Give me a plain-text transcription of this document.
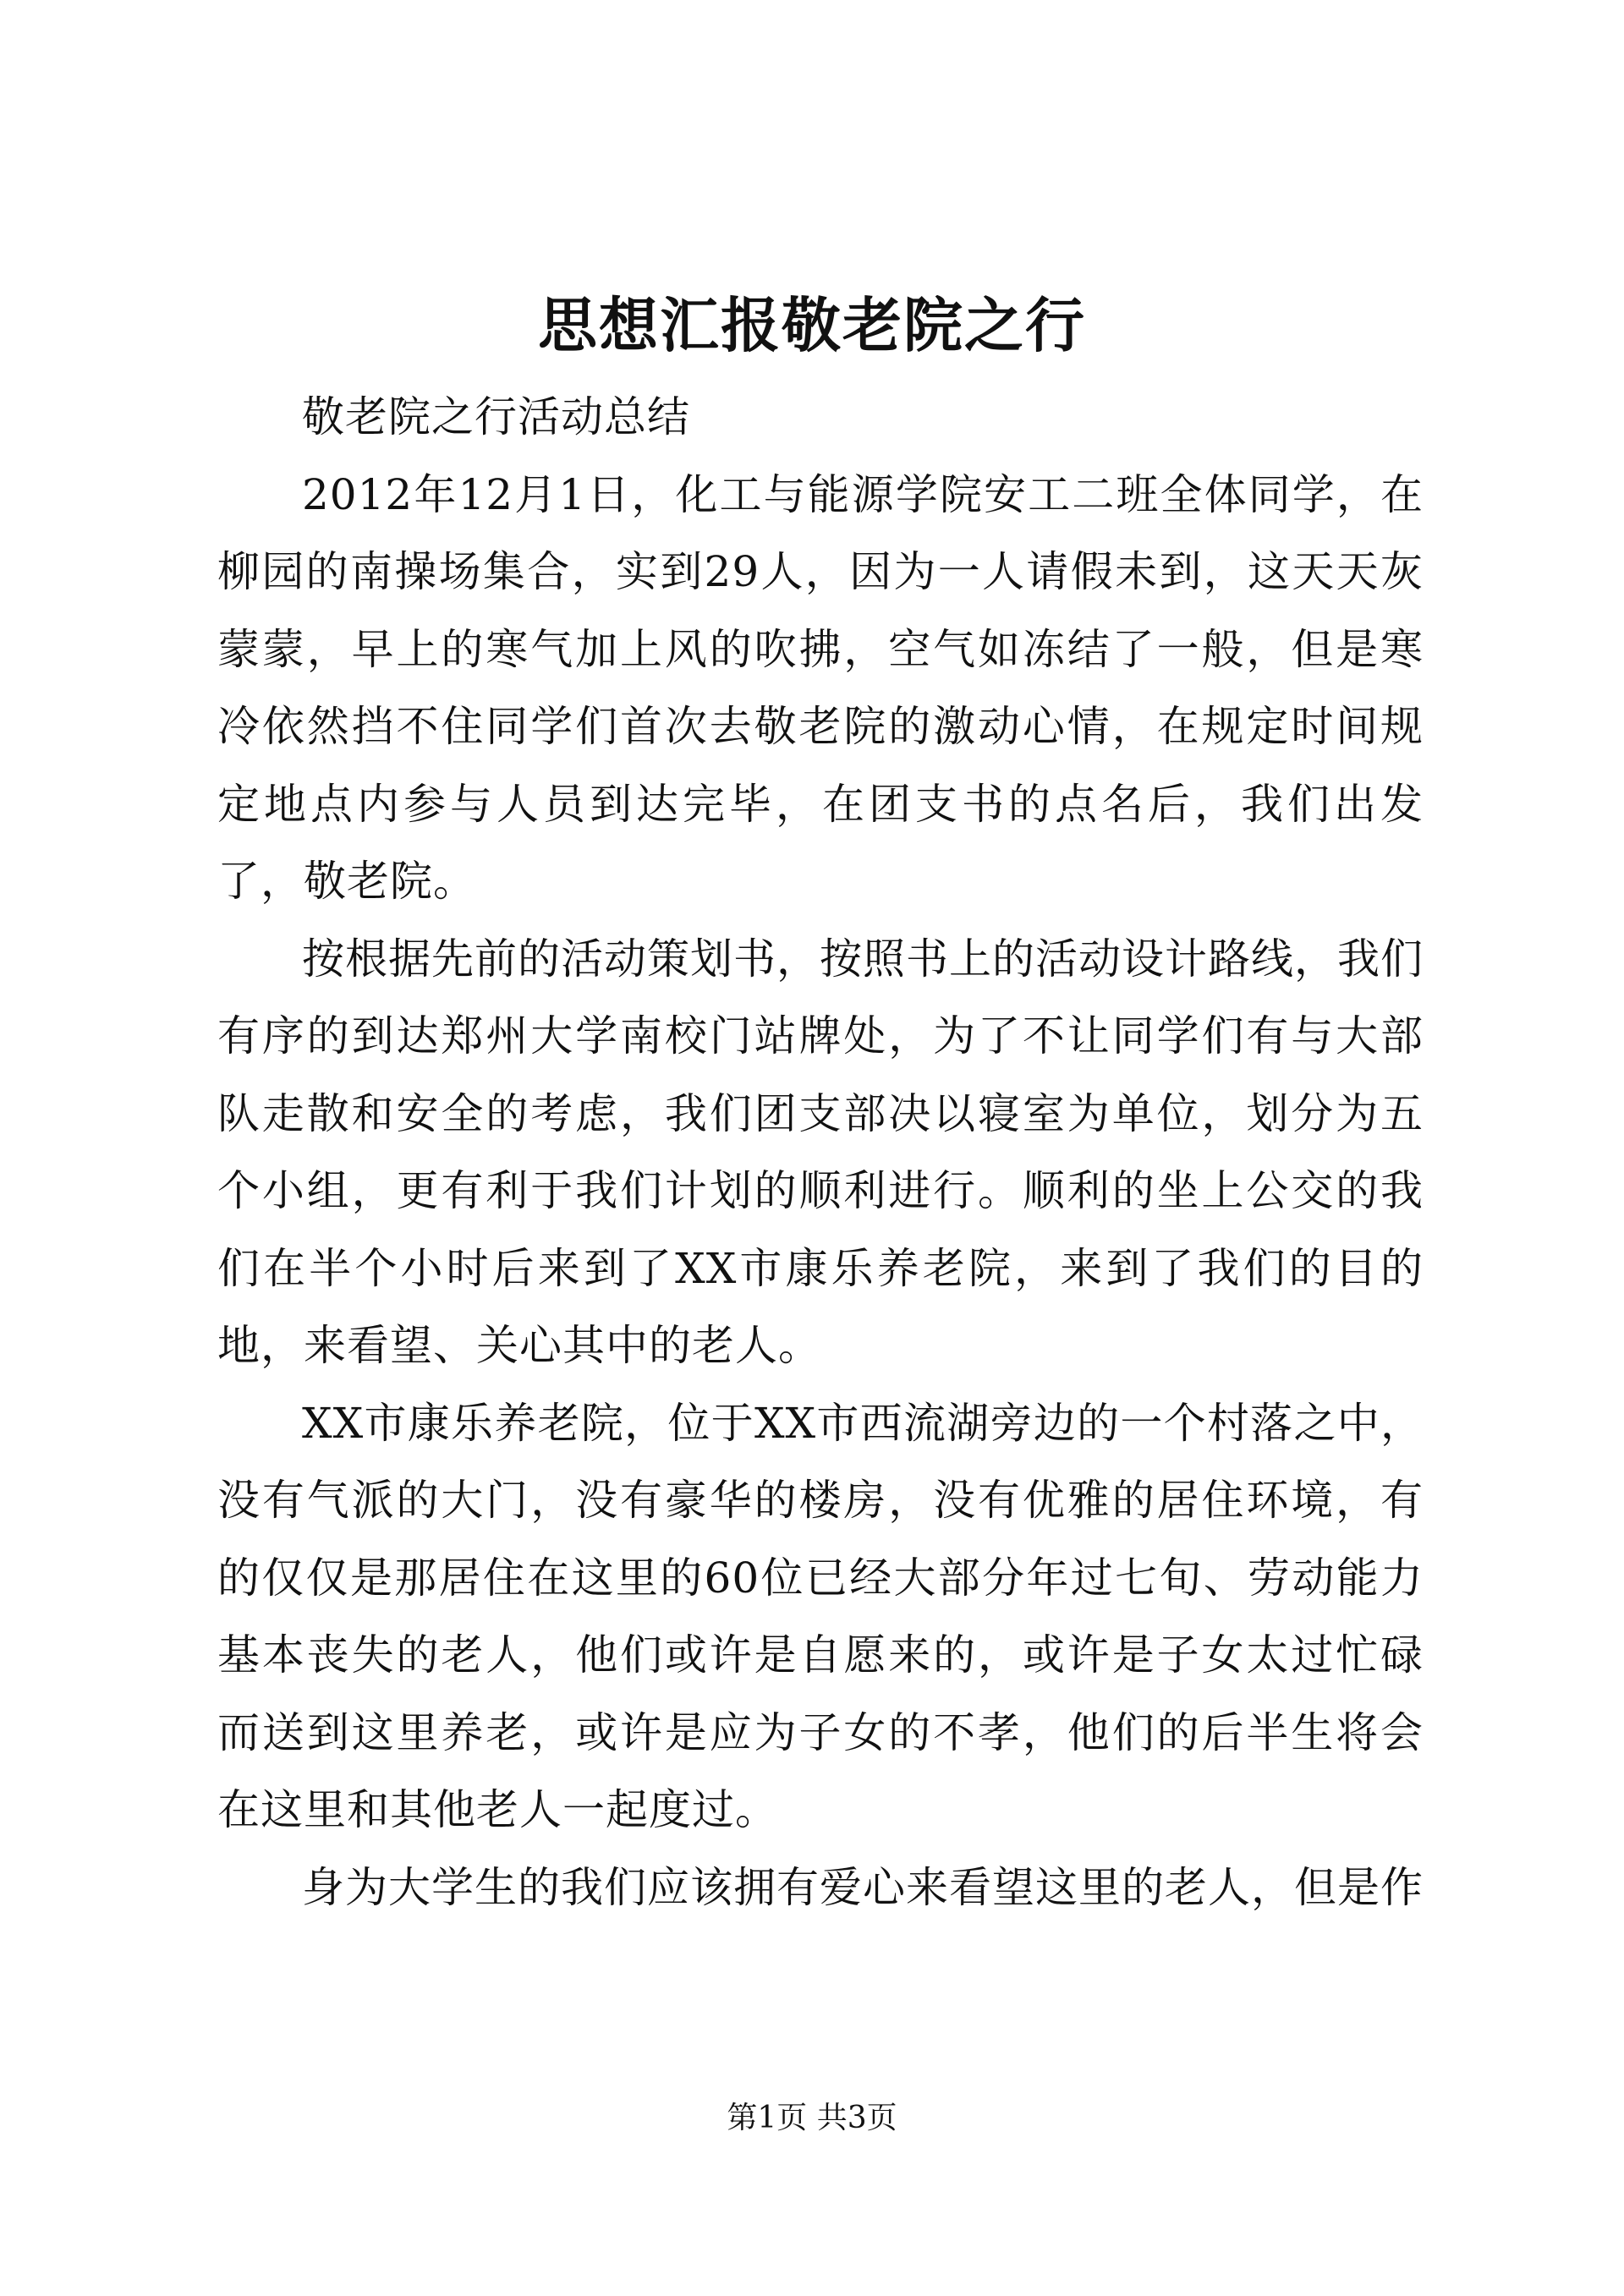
思想汇报敬老院之行

敬老院之行活动总结

2012年12月1日，化工与能源学院安工二班全体同学，在柳园的南操场集合，实到29人，因为一人请假未到，这天天灰蒙蒙，早上的寒气加上风的吹拂，空气如冻结了一般，但是寒冷依然挡不住同学们首次去敬老院的激动心情，在规定时间规定地点内参与人员到达完毕，在团支书的点名后，我们出发了，敬老院。

按根据先前的活动策划书，按照书上的活动设计路线，我们有序的到达郑州大学南校门站牌处，为了不让同学们有与大部队走散和安全的考虑，我们团支部决以寝室为单位，划分为五个小组，更有利于我们计划的顺利进行。顺利的坐上公交的我们在半个小时后来到了XX市康乐养老院，来到了我们的目的地，来看望、关心其中的老人。

XX市康乐养老院，位于XX市西流湖旁边的一个村落之中，没有气派的大门，没有豪华的楼房，没有优雅的居住环境，有的仅仅是那居住在这里的60位已经大部分年过七旬、劳动能力基本丧失的老人，他们或许是自愿来的，或许是子女太过忙碌而送到这里养老，或许是应为子女的不孝，他们的后半生将会在这里和其他老人一起度过。

身为大学生的我们应该拥有爱心来看望这里的老人，但是作

第1页 共3页
